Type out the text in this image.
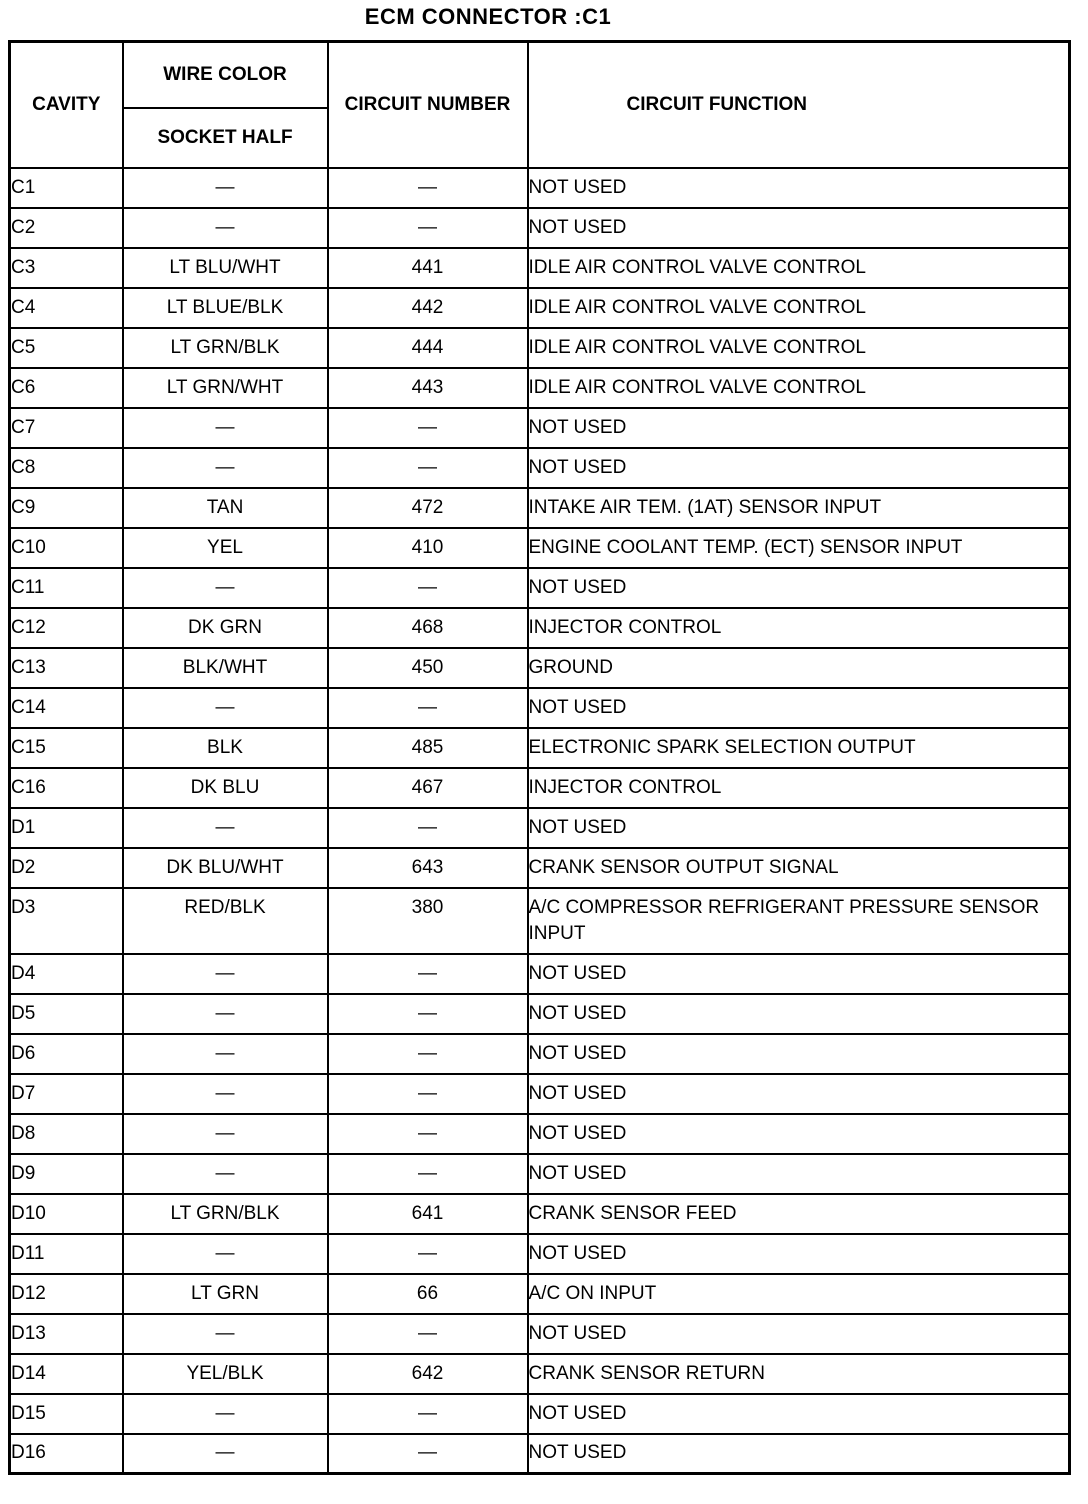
ECM CONNECTOR :C1
CAVITY	WIRE COLOR	CIRCUIT NUMBER	CIRCUIT FUNCTION
	SOCKET HALF		
C1	—	—	NOT USED
C2	—	—	NOT USED
C3	LT BLU/WHT	441	IDLE AIR CONTROL VALVE CONTROL
C4	LT BLUE/BLK	442	IDLE AIR CONTROL VALVE CONTROL
C5	LT GRN/BLK	444	IDLE AIR CONTROL VALVE CONTROL
C6	LT GRN/WHT	443	IDLE AIR CONTROL VALVE CONTROL
C7	—	—	NOT USED
C8	—	—	NOT USED
C9	TAN	472	INTAKE AIR TEM. (1AT) SENSOR INPUT
C10	YEL	410	ENGINE COOLANT TEMP. (ECT) SENSOR INPUT
C11	—	—	NOT USED
C12	DK GRN	468	INJECTOR CONTROL
C13	BLK/WHT	450	GROUND
C14	—	—	NOT USED
C15	BLK	485	ELECTRONIC SPARK SELECTION OUTPUT
C16	DK BLU	467	INJECTOR CONTROL
D1	—	—	NOT USED
D2	DK BLU/WHT	643	CRANK SENSOR OUTPUT SIGNAL
D3	RED/BLK	380	A/C COMPRESSOR REFRIGERANT PRESSURE SENSOR INPUT
D4	—	—	NOT USED
D5	—	—	NOT USED
D6	—	—	NOT USED
D7	—	—	NOT USED
D8	—	—	NOT USED
D9	—	—	NOT USED
D10	LT GRN/BLK	641	CRANK SENSOR FEED
D11	—	—	NOT USED
D12	LT GRN	66	A/C ON INPUT
D13	—	—	NOT USED
D14	YEL/BLK	642	CRANK SENSOR RETURN
D15	—	—	NOT USED
D16	—	—	NOT USED
